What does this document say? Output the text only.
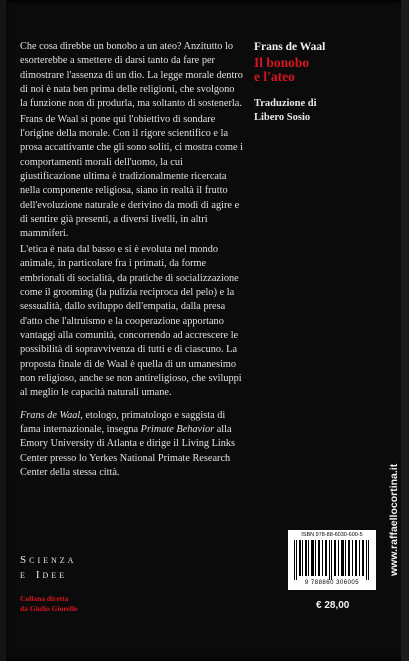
Che cosa direbbe un bonobo a un ateo? Anzitutto lo esorterebbe a smettere di darsi tanto da fare per dimostrare l'assenza di un dio. La legge morale dentro di noi è nata ben prima delle religioni, che svolgono la funzione non di produrla, ma soltanto di sostenerla.

Frans de Waal si pone qui l'obiettivo di sondare l'origine della morale. Con il rigore scientifico e la prosa accattivante che gli sono soliti, ci mostra come i comportamenti morali dell'uomo, la cui giustificazione ultima è tradizionalmente ricercata nella componente religiosa, siano in realtà il frutto dell'evoluzione naturale e derivino da modi di agire e di sentire già presenti, a diversi livelli, in altri mammiferi.

L'etica è nata dal basso e si è evoluta nel mondo animale, in particolare fra i primati, da forme embrionali di socialità, da pratiche di socializzazione come il grooming (la pulizia reciproca del pelo) e la sessualità, dallo sviluppo dell'empatia, dalla presa d'atto che l'altruismo e la cooperazione apportano vantaggi alla comunità, concorrendo ad accrescere le possibilità di sopravvivenza di tutti e di ciascuno. La proposta finale di de Waal è quella di un umanesimo non religioso, anche se non antireligioso, che sviluppi al meglio le capacità naturali umane.

Frans de Waal, etologo, primatologo e saggista di fama internazionale, insegna Primate Behavior alla Emory University di Atlanta e dirige il Living Links Center presso lo Yerkes National Primate Research Center della stessa città.

Frans de Waal
Il bonobo
e l'ateo
Traduzione di
Libero Sosio
Scienza
e Idee
Collana diretta
da Giulio Giorello
www.raffaellocortina.it
ISBN 978-88-6030-600-5
9 788860 306005
€ 28,00
